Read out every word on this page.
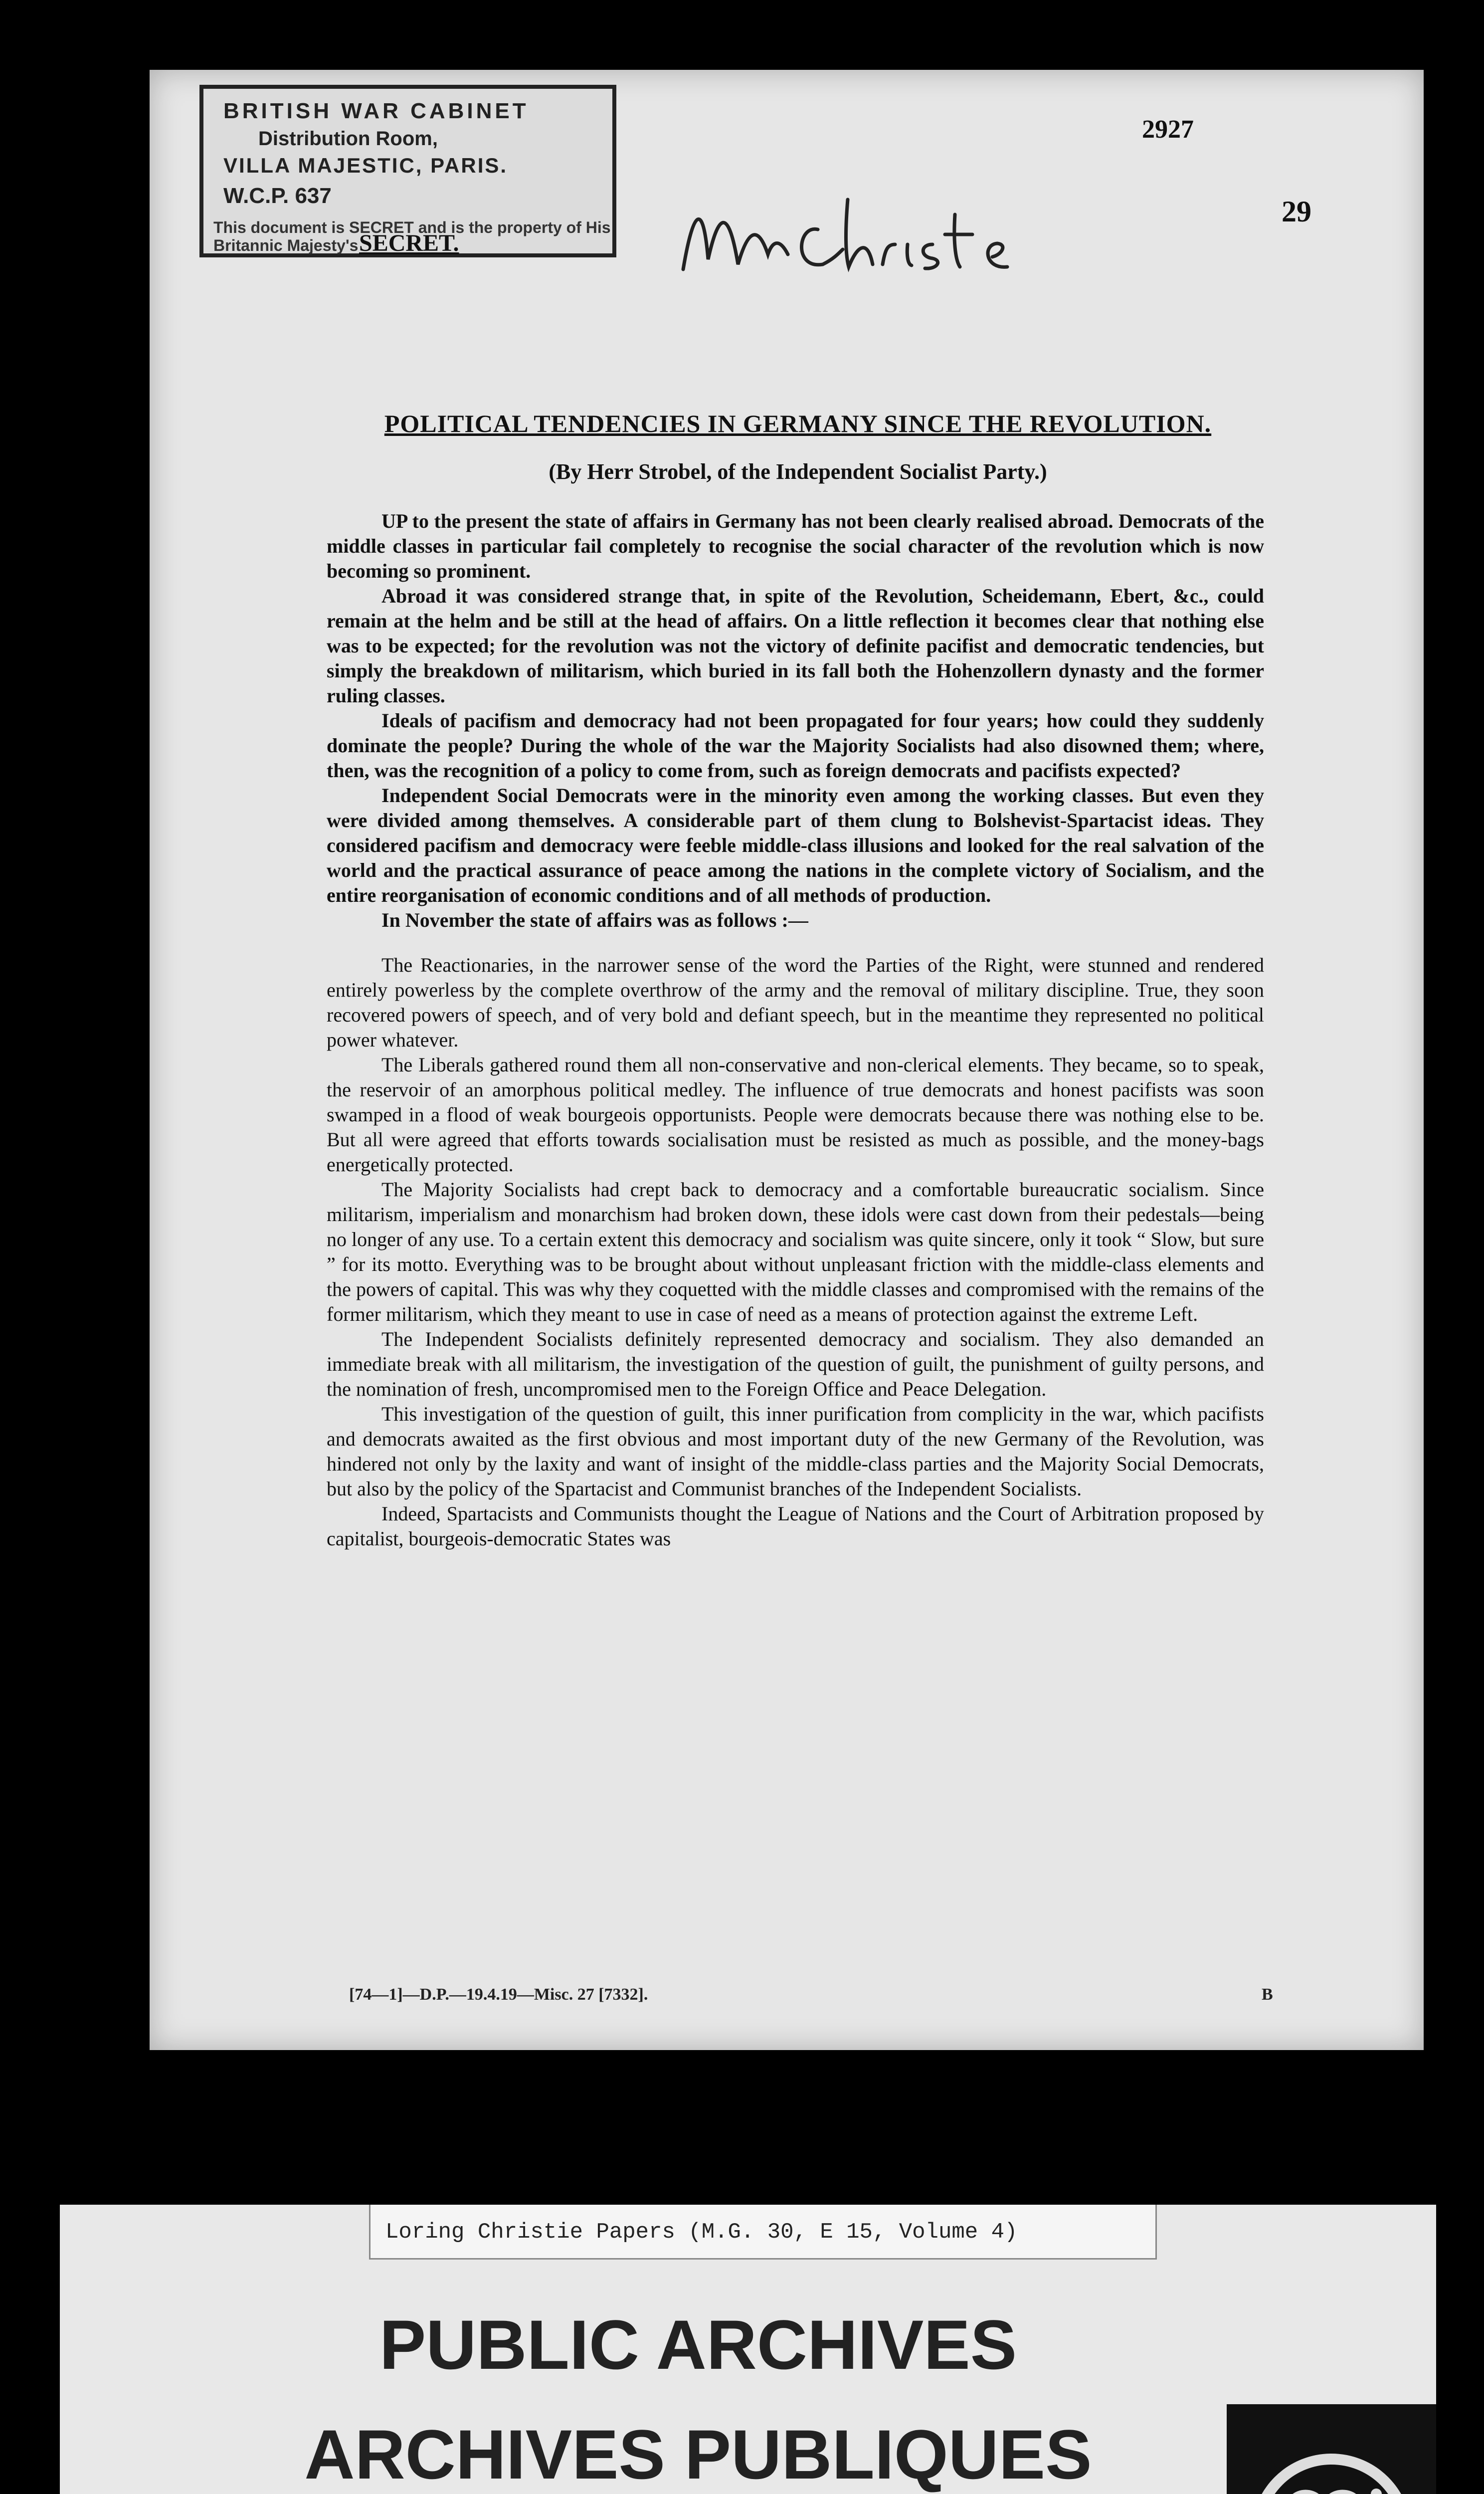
BRITISH WAR CABINET
Distribution Room,
VILLA MAJESTIC, PARIS.
W.C.P. 637
This document is SECRET and is the property of His Britannic Majesty's SECRET.
2927
29
POLITICAL TENDENCIES IN GERMANY SINCE THE REVOLUTION.
(By Herr Strobel, of the Independent Socialist Party.)

UP to the present the state of affairs in Germany has not been clearly realised abroad. Democrats of the middle classes in particular fail completely to recognise the social character of the revolution which is now becoming so prominent.

Abroad it was considered strange that, in spite of the Revolution, Scheidemann, Ebert, &c., could remain at the helm and be still at the head of affairs. On a little reflection it becomes clear that nothing else was to be expected; for the revolution was not the victory of definite pacifist and democratic tendencies, but simply the breakdown of militarism, which buried in its fall both the Hohenzollern dynasty and the former ruling classes.

Ideals of pacifism and democracy had not been propagated for four years; how could they suddenly dominate the people? During the whole of the war the Majority Socialists had also disowned them; where, then, was the recognition of a policy to come from, such as foreign democrats and pacifists expected?

Independent Social Democrats were in the minority even among the working classes. But even they were divided among themselves. A considerable part of them clung to Bolshevist-Spartacist ideas. They considered pacifism and democracy were feeble middle-class illusions and looked for the real salvation of the world and the practical assurance of peace among the nations in the complete victory of Socialism, and the entire reorganisation of economic conditions and of all methods of production.

In November the state of affairs was as follows :—

The Reactionaries, in the narrower sense of the word the Parties of the Right, were stunned and rendered entirely powerless by the complete overthrow of the army and the removal of military discipline. True, they soon recovered powers of speech, and of very bold and defiant speech, but in the meantime they represented no political power whatever.

The Liberals gathered round them all non-conservative and non-clerical elements. They became, so to speak, the reservoir of an amorphous political medley. The influence of true democrats and honest pacifists was soon swamped in a flood of weak bourgeois opportunists. People were democrats because there was nothing else to be. But all were agreed that efforts towards socialisation must be resisted as much as possible, and the money-bags energetically protected.

The Majority Socialists had crept back to democracy and a comfortable bureaucratic socialism. Since militarism, imperialism and monarchism had broken down, these idols were cast down from their pedestals—being no longer of any use. To a certain extent this democracy and socialism was quite sincere, only it took “ Slow, but sure ” for its motto. Everything was to be brought about without unpleasant friction with the middle-class elements and the powers of capital. This was why they coquetted with the middle classes and compromised with the remains of the former militarism, which they meant to use in case of need as a means of protection against the extreme Left.

The Independent Socialists definitely represented democracy and socialism. They also demanded an immediate break with all militarism, the investigation of the question of guilt, the punishment of guilty persons, and the nomination of fresh, uncompromised men to the Foreign Office and Peace Delegation.

This investigation of the question of guilt, this inner purification from complicity in the war, which pacifists and democrats awaited as the first obvious and most important duty of the new Germany of the Revolution, was hindered not only by the laxity and want of insight of the middle-class parties and the Majority Social Democrats, but also by the policy of the Spartacist and Communist branches of the Independent Socialists.

Indeed, Spartacists and Communists thought the League of Nations and the Court of Arbitration proposed by capitalist, bourgeois-democratic States was

[74—1]—D.P.—19.4.19—Misc. 27 [7332].	B
Loring Christie Papers (M.G. 30, E 15, Volume 4)
PUBLIC ARCHIVES
ARCHIVES PUBLIQUES
